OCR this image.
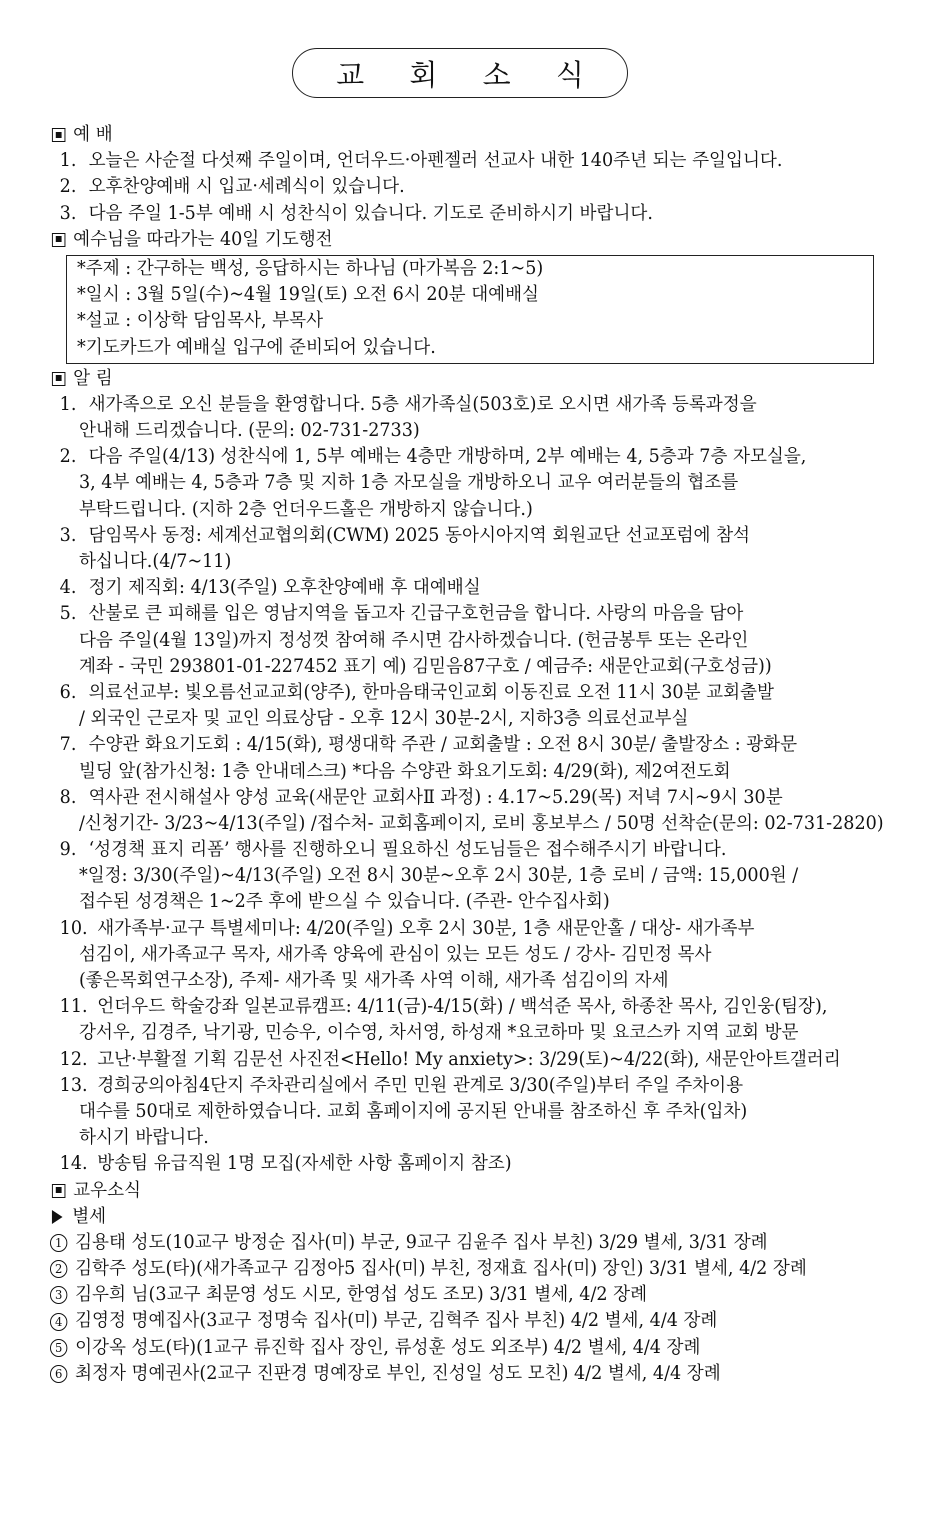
교 회 소 식
예 배
1. 오늘은 사순절 다섯째 주일이며, 언더우드·아펜젤러 선교사 내한 140주년 되는 주일입니다.
2. 오후찬양예배 시 입교·세례식이 있습니다.
3. 다음 주일 1-5부 예배 시 성찬식이 있습니다. 기도로 준비하시기 바랍니다.
예수님을 따라가는 40일 기도행전
*주제 : 간구하는 백성, 응답하시는 하나님 (마가복음 2:1~5)
*일시 : 3월 5일(수)~4월 19일(토) 오전 6시 20분 대예배실
*설교 : 이상학 담임목사, 부목사
*기도카드가 예배실 입구에 준비되어 있습니다.
알 림
1. 새가족으로 오신 분들을 환영합니다. 5층 새가족실(503호)로 오시면 새가족 등록과정을
안내해 드리겠습니다. (문의: 02-731-2733)
2. 다음 주일(4/13) 성찬식에 1, 5부 예배는 4층만 개방하며, 2부 예배는 4, 5층과 7층 자모실을,
3, 4부 예배는 4, 5층과 7층 및 지하 1층 자모실을 개방하오니 교우 여러분들의 협조를
부탁드립니다. (지하 2층 언더우드홀은 개방하지 않습니다.)
3. 담임목사 동정: 세계선교협의회(CWM) 2025 동아시아지역 회원교단 선교포럼에 참석
하십니다.(4/7~11)
4. 정기 제직회: 4/13(주일) 오후찬양예배 후 대예배실
5. 산불로 큰 피해를 입은 영남지역을 돕고자 긴급구호헌금을 합니다. 사랑의 마음을 담아
다음 주일(4월 13일)까지 정성껏 참여해 주시면 감사하겠습니다. (헌금봉투 또는 온라인
계좌 - 국민 293801-01-227452 표기 예) 김믿음87구호 / 예금주: 새문안교회(구호성금))
6. 의료선교부: 빛오름선교교회(양주), 한마음태국인교회 이동진료 오전 11시 30분 교회출발
/ 외국인 근로자 및 교인 의료상담 - 오후 12시 30분-2시, 지하3층 의료선교부실
7. 수양관 화요기도회 : 4/15(화), 평생대학 주관 / 교회출발 : 오전 8시 30분/ 출발장소 : 광화문
빌딩 앞(참가신청: 1층 안내데스크) *다음 수양관 화요기도회: 4/29(화), 제2여전도회
8. 역사관 전시해설사 양성 교육(새문안 교회사Ⅱ 과정) : 4.17~5.29(목) 저녁 7시~9시 30분
/신청기간- 3/23~4/13(주일) /접수처- 교회홈페이지, 로비 홍보부스 / 50명 선착순(문의: 02-731-2820)
9. ‘성경책 표지 리폼’ 행사를 진행하오니 필요하신 성도님들은 접수해주시기 바랍니다.
*일정: 3/30(주일)~4/13(주일) 오전 8시 30분~오후 2시 30분, 1층 로비 / 금액: 15,000원 /
접수된 성경책은 1~2주 후에 받으실 수 있습니다. (주관- 안수집사회)
10. 새가족부·교구 특별세미나: 4/20(주일) 오후 2시 30분, 1층 새문안홀 / 대상- 새가족부
섬김이, 새가족교구 목자, 새가족 양육에 관심이 있는 모든 성도 / 강사- 김민정 목사
(좋은목회연구소장), 주제- 새가족 및 새가족 사역 이해, 새가족 섬김이의 자세
11. 언더우드 학술강좌 일본교류캠프: 4/11(금)-4/15(화) / 백석준 목사, 하종찬 목사, 김인웅(팀장),
강서우, 김경주, 낙기광, 민승우, 이수영, 차서영, 하성재 *요코하마 및 요코스카 지역 교회 방문
12. 고난·부활절 기획 김문선 사진전<Hello! My anxiety>: 3/29(토)~4/22(화), 새문안아트갤러리
13. 경희궁의아침4단지 주차관리실에서 주민 민원 관계로 3/30(주일)부터 주일 주차이용
대수를 50대로 제한하였습니다. 교회 홈페이지에 공지된 안내를 참조하신 후 주차(입차)
하시기 바랍니다.
14. 방송팀 유급직원 1명 모집(자세한 사항 홈페이지 참조)
교우소식
별세
1 김용태 성도(10교구 방정순 집사(미) 부군, 9교구 김윤주 집사 부친) 3/29 별세, 3/31 장례
2 김학주 성도(타)(새가족교구 김정아5 집사(미) 부친, 정재효 집사(미) 장인) 3/31 별세, 4/2 장례
3 김우희 님(3교구 최문영 성도 시모, 한영섭 성도 조모) 3/31 별세, 4/2 장례
4 김영정 명예집사(3교구 정명숙 집사(미) 부군, 김혁주 집사 부친) 4/2 별세, 4/4 장례
5 이강옥 성도(타)(1교구 류진학 집사 장인, 류성훈 성도 외조부) 4/2 별세, 4/4 장례
6 최정자 명예권사(2교구 진판경 명예장로 부인, 진성일 성도 모친) 4/2 별세, 4/4 장례
